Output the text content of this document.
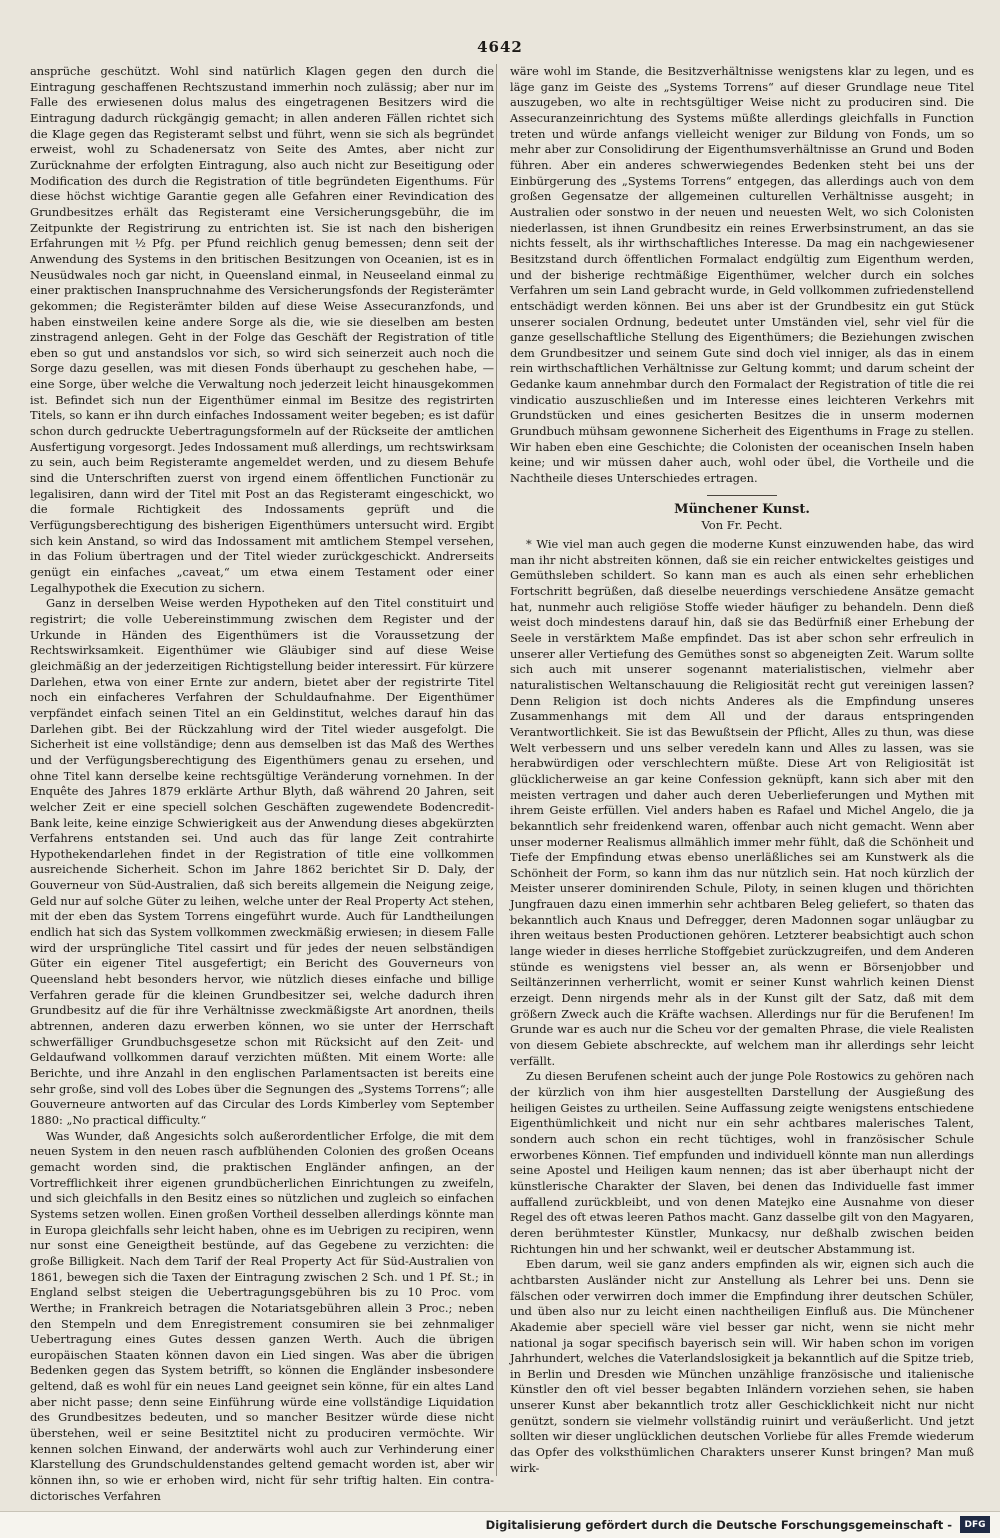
4642

ansprüche geschützt. Wohl sind natürlich Klagen gegen den durch die Eintragung geschaffenen Rechtszustand immerhin noch zulässig; aber nur im Falle des erwiesenen dolus malus des eingetragenen Besitzers wird die Eintragung dadurch rückgängig gemacht; in allen anderen Fällen richtet sich die Klage gegen das Registeramt selbst und führt, wenn sie sich als begründet erweist, wohl zu Schadenersatz von Seite des Amtes, aber nicht zur Zurücknahme der erfolgten Eintragung, also auch nicht zur Beseitigung oder Modification des durch die Registration of title begründeten Eigenthums. Für diese höchst wichtige Garantie gegen alle Gefahren einer Revindication des Grundbesitzes erhält das Registeramt eine Versicherungsgebühr, die im Zeitpunkte der Registrirung zu entrichten ist. Sie ist nach den bisherigen Erfahrungen mit ½ Pfg. per Pfund reichlich genug bemessen; denn seit der Anwendung des Systems in den britischen Besitzungen von Oceanien, ist es in Neusüdwales noch gar nicht, in Queensland einmal, in Neuseeland einmal zu einer praktischen Inanspruchnahme des Versicherungsfonds der Registerämter gekommen; die Registerämter bilden auf diese Weise Assecuranzfonds, und haben einstweilen keine andere Sorge als die, wie sie dieselben am besten zinstragend anlegen. Geht in der Folge das Geschäft der Registration of title eben so gut und anstandslos vor sich, so wird sich seinerzeit auch noch die Sorge dazu gesellen, was mit diesen Fonds überhaupt zu geschehen habe, — eine Sorge, über welche die Verwaltung noch jederzeit leicht hinausgekommen ist. Befindet sich nun der Eigenthümer einmal im Besitze des registrirten Titels, so kann er ihn durch einfaches Indossament weiter begeben; es ist dafür schon durch gedruckte Uebertragungsformeln auf der Rückseite der amtlichen Ausfertigung vorgesorgt. Jedes Indossament muß allerdings, um rechtswirksam zu sein, auch beim Registeramte angemeldet werden, und zu diesem Behufe sind die Unterschriften zuerst von irgend einem öffentlichen Functionär zu legalisiren, dann wird der Titel mit Post an das Registeramt eingeschickt, wo die formale Richtigkeit des Indossaments geprüft und die Verfügungsberechtigung des bisherigen Eigenthümers untersucht wird. Ergibt sich kein Anstand, so wird das Indossament mit amtlichem Stempel versehen, in das Folium übertragen und der Titel wieder zurückgeschickt. Andrerseits genügt ein einfaches „caveat,“ um etwa einem Testament oder einer Legalhypothek die Execution zu sichern.

Ganz in derselben Weise werden Hypotheken auf den Titel constituirt und registrirt; die volle Uebereinstimmung zwischen dem Register und der Urkunde in Händen des Eigenthümers ist die Voraussetzung der Rechtswirksamkeit. Eigenthümer wie Gläubiger sind auf diese Weise gleichmäßig an der jederzeitigen Richtigstellung beider interessirt. Für kürzere Darlehen, etwa von einer Ernte zur andern, bietet aber der registrirte Titel noch ein einfacheres Verfahren der Schuldaufnahme. Der Eigenthümer verpfändet einfach seinen Titel an ein Geldinstitut, welches darauf hin das Darlehen gibt. Bei der Rückzahlung wird der Titel wieder ausgefolgt. Die Sicherheit ist eine vollständige; denn aus demselben ist das Maß des Werthes und der Verfügungsberechtigung des Eigenthümers genau zu ersehen, und ohne Titel kann derselbe keine rechtsgültige Veränderung vornehmen. In der Enquête des Jahres 1879 erklärte Arthur Blyth, daß während 20 Jahren, seit welcher Zeit er eine speciell solchen Geschäften zugewendete Bodencredit-Bank leite, keine einzige Schwierigkeit aus der Anwendung dieses abgekürzten Verfahrens entstanden sei. Und auch das für lange Zeit contrahirte Hypothekendarlehen findet in der Registration of title eine vollkommen ausreichende Sicherheit. Schon im Jahre 1862 berichtet Sir D. Daly, der Gouverneur von Süd-Australien, daß sich bereits allgemein die Neigung zeige, Geld nur auf solche Güter zu leihen, welche unter der Real Property Act stehen, mit der eben das System Torrens eingeführt wurde. Auch für Landtheilungen endlich hat sich das System vollkommen zweckmäßig erwiesen; in diesem Falle wird der ursprüngliche Titel cassirt und für jedes der neuen selbständigen Güter ein eigener Titel ausgefertigt; ein Bericht des Gouverneurs von Queensland hebt besonders hervor, wie nützlich dieses einfache und billige Verfahren gerade für die kleinen Grundbesitzer sei, welche dadurch ihren Grundbesitz auf die für ihre Verhältnisse zweckmäßigste Art anordnen, theils abtrennen, anderen dazu erwerben können, wo sie unter der Herrschaft schwerfälliger Grundbuchsgesetze schon mit Rücksicht auf den Zeit- und Geldaufwand vollkommen darauf verzichten müßten. Mit einem Worte: alle Berichte, und ihre Anzahl in den englischen Parlamentsacten ist bereits eine sehr große, sind voll des Lobes über die Segnungen des „Systems Torrens“; alle Gouverneure antworten auf das Circular des Lords Kimberley vom September 1880: „No practical difficulty.“

Was Wunder, daß Angesichts solch außerordentlicher Erfolge, die mit dem neuen System in den neuen rasch aufblühenden Colonien des großen Oceans gemacht worden sind, die praktischen Engländer anfingen, an der Vortrefflichkeit ihrer eigenen grundbücherlichen Einrichtungen zu zweifeln, und sich gleichfalls in den Besitz eines so nützlichen und zugleich so einfachen Systems setzen wollen. Einen großen Vortheil desselben allerdings könnte man in Europa gleichfalls sehr leicht haben, ohne es im Uebrigen zu recipiren, wenn nur sonst eine Geneigtheit bestünde, auf das Gegebene zu verzichten: die große Billigkeit. Nach dem Tarif der Real Property Act für Süd-Australien von 1861, bewegen sich die Taxen der Eintragung zwischen 2 Sch. und 1 Pf. St.; in England selbst steigen die Uebertragungsgebühren bis zu 10 Proc. vom Werthe; in Frankreich betragen die Notariatsgebühren allein 3 Proc.; neben den Stempeln und dem Enregistrement consumiren sie bei zehnmaliger Uebertragung eines Gutes dessen ganzen Werth. Auch die übrigen europäischen Staaten können davon ein Lied singen. Was aber die übrigen Bedenken gegen das System betrifft, so können die Engländer insbesondere geltend, daß es wohl für ein neues Land geeignet sein könne, für ein altes Land aber nicht passe; denn seine Einführung würde eine vollständige Liquidation des Grundbesitzes bedeuten, und so mancher Besitzer würde diese nicht überstehen, weil er seine Besitztitel nicht zu produciren vermöchte. Wir kennen solchen Einwand, der anderwärts wohl auch zur Verhinderung einer Klarstellung des Grundschuldenstandes geltend gemacht worden ist, aber wir können ihn, so wie er erhoben wird, nicht für sehr triftig halten. Ein contra-dictorisches Verfahren

wäre wohl im Stande, die Besitzverhältnisse wenigstens klar zu legen, und es läge ganz im Geiste des „Systems Torrens“ auf dieser Grundlage neue Titel auszugeben, wo alte in rechtsgültiger Weise nicht zu produciren sind. Die Assecuranzeinrichtung des Systems müßte allerdings gleichfalls in Function treten und würde anfangs vielleicht weniger zur Bildung von Fonds, um so mehr aber zur Consolidirung der Eigenthumsverhältnisse an Grund und Boden führen. Aber ein anderes schwerwiegendes Bedenken steht bei uns der Einbürgerung des „Systems Torrens“ entgegen, das allerdings auch von dem großen Gegensatze der allgemeinen culturellen Verhältnisse ausgeht; in Australien oder sonstwo in der neuen und neuesten Welt, wo sich Colonisten niederlassen, ist ihnen Grundbesitz ein reines Erwerbsinstrument, an das sie nichts fesselt, als ihr wirthschaftliches Interesse. Da mag ein nachgewiesener Besitzstand durch öffentlichen Formalact endgültig zum Eigenthum werden, und der bisherige rechtmäßige Eigenthümer, welcher durch ein solches Verfahren um sein Land gebracht wurde, in Geld vollkommen zufriedenstellend entschädigt werden können. Bei uns aber ist der Grundbesitz ein gut Stück unserer socialen Ordnung, bedeutet unter Umständen viel, sehr viel für die ganze gesellschaftliche Stellung des Eigenthümers; die Beziehungen zwischen dem Grundbesitzer und seinem Gute sind doch viel inniger, als das in einem rein wirthschaftlichen Verhältnisse zur Geltung kommt; und darum scheint der Gedanke kaum annehmbar durch den Formalact der Registration of title die rei vindicatio auszuschließen und im Interesse eines leichteren Verkehrs mit Grundstücken und eines gesicherten Besitzes die in unserm modernen Grundbuch mühsam gewonnene Sicherheit des Eigenthums in Frage zu stellen. Wir haben eben eine Geschichte; die Colonisten der oceanischen Inseln haben keine; und wir müssen daher auch, wohl oder übel, die Vortheile und die Nachtheile dieses Unterschiedes ertragen.

Münchener Kunst.
Von Fr. Pecht.

* Wie viel man auch gegen die moderne Kunst einzuwenden habe, das wird man ihr nicht abstreiten können, daß sie ein reicher entwickeltes geistiges und Gemüthsleben schildert. So kann man es auch als einen sehr erheblichen Fortschritt begrüßen, daß dieselbe neuerdings verschiedene Ansätze gemacht hat, nunmehr auch religiöse Stoffe wieder häufiger zu behandeln. Denn dieß weist doch mindestens darauf hin, daß sie das Bedürfniß einer Erhebung der Seele in verstärktem Maße empfindet. Das ist aber schon sehr erfreulich in unserer aller Vertiefung des Gemüthes sonst so abgeneigten Zeit. Warum sollte sich auch mit unserer sogenannt materialistischen, vielmehr aber naturalistischen Weltanschauung die Religiosität recht gut vereinigen lassen? Denn Religion ist doch nichts Anderes als die Empfindung unseres Zusammenhangs mit dem All und der daraus entspringenden Verantwortlichkeit. Sie ist das Bewußtsein der Pflicht, Alles zu thun, was diese Welt verbessern und uns selber veredeln kann und Alles zu lassen, was sie herabwürdigen oder verschlechtern müßte. Diese Art von Religiosität ist glücklicherweise an gar keine Confession geknüpft, kann sich aber mit den meisten vertragen und daher auch deren Ueberlieferungen und Mythen mit ihrem Geiste erfüllen. Viel anders haben es Rafael und Michel Angelo, die ja bekanntlich sehr freidenkend waren, offenbar auch nicht gemacht. Wenn aber unser moderner Realismus allmählich immer mehr fühlt, daß die Schönheit und Tiefe der Empfindung etwas ebenso unerläßliches sei am Kunstwerk als die Schönheit der Form, so kann ihm das nur nützlich sein. Hat noch kürzlich der Meister unserer dominirenden Schule, Piloty, in seinen klugen und thörichten Jungfrauen dazu einen immerhin sehr achtbaren Beleg geliefert, so thaten das bekanntlich auch Knaus und Defregger, deren Madonnen sogar unläugbar zu ihren weitaus besten Productionen gehören. Letzterer beabsichtigt auch schon lange wieder in dieses herrliche Stoffgebiet zurückzugreifen, und dem Anderen stünde es wenigstens viel besser an, als wenn er Börsenjobber und Seiltänzerinnen verherrlicht, womit er seiner Kunst wahrlich keinen Dienst erzeigt. Denn nirgends mehr als in der Kunst gilt der Satz, daß mit dem größern Zweck auch die Kräfte wachsen. Allerdings nur für die Berufenen! Im Grunde war es auch nur die Scheu vor der gemalten Phrase, die viele Realisten von diesem Gebiete abschreckte, auf welchem man ihr allerdings sehr leicht verfällt.

Zu diesen Berufenen scheint auch der junge Pole Rostowics zu gehören nach der kürzlich von ihm hier ausgestellten Darstellung der Ausgießung des heiligen Geistes zu urtheilen. Seine Auffassung zeigte wenigstens entschiedene Eigenthümlichkeit und nicht nur ein sehr achtbares malerisches Talent, sondern auch schon ein recht tüchtiges, wohl in französischer Schule erworbenes Können. Tief empfunden und individuell könnte man nun allerdings seine Apostel und Heiligen kaum nennen; das ist aber überhaupt nicht der künstlerische Charakter der Slaven, bei denen das Individuelle fast immer auffallend zurückbleibt, und von denen Matejko eine Ausnahme von dieser Regel des oft etwas leeren Pathos macht. Ganz dasselbe gilt von den Magyaren, deren berühmtester Künstler, Munkacsy, nur deßhalb zwischen beiden Richtungen hin und her schwankt, weil er deutscher Abstammung ist.

Eben darum, weil sie ganz anders empfinden als wir, eignen sich auch die achtbarsten Ausländer nicht zur Anstellung als Lehrer bei uns. Denn sie fälschen oder verwirren doch immer die Empfindung ihrer deutschen Schüler, und üben also nur zu leicht einen nachtheiligen Einfluß aus. Die Münchener Akademie aber speciell wäre viel besser gar nicht, wenn sie nicht mehr national ja sogar specifisch bayerisch sein will. Wir haben schon im vorigen Jahrhundert, welches die Vaterlandslosigkeit ja bekanntlich auf die Spitze trieb, in Berlin und Dresden wie München unzählige französische und italienische Künstler den oft viel besser begabten Inländern vorziehen sehen, sie haben unserer Kunst aber bekanntlich trotz aller Geschicklichkeit nicht nur nicht genützt, sondern sie vielmehr vollständig ruinirt und veräußerlicht. Und jetzt sollten wir dieser unglücklichen deutschen Vorliebe für alles Fremde wiederum das Opfer des volksthümlichen Charakters unserer Kunst bringen? Man muß wirk-

Digitalisierung gefördert durch die Deutsche Forschungsgemeinschaft -	DFG
